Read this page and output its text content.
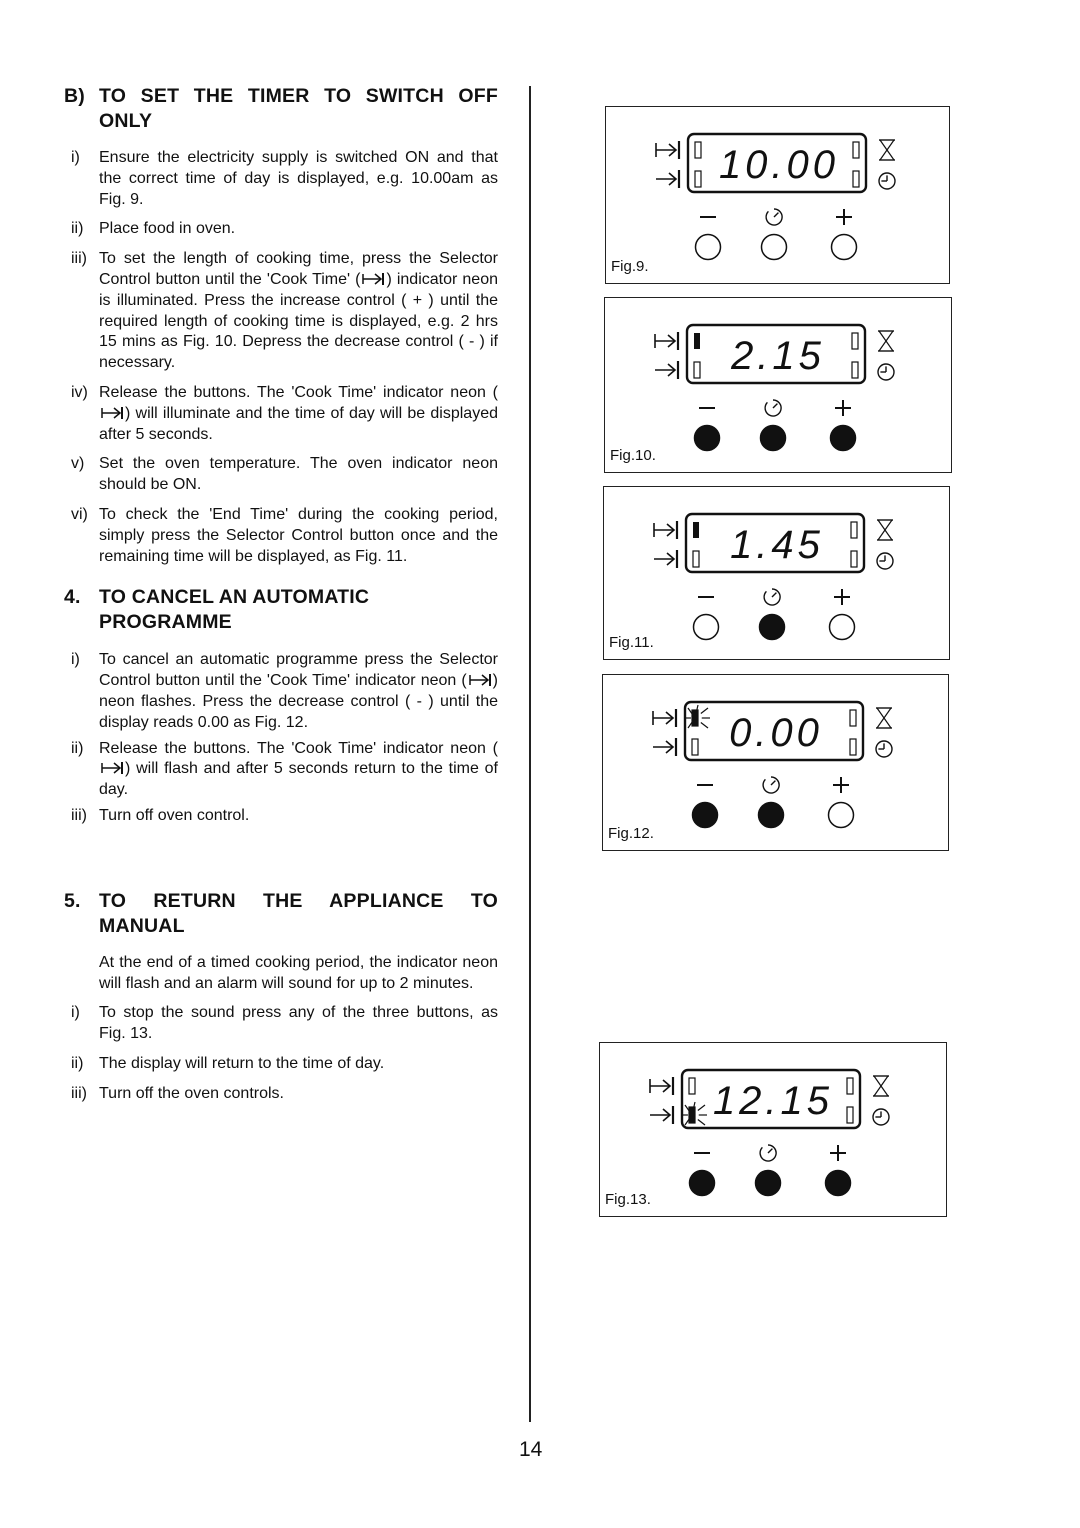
B) TO SET THE TIMER TO SWITCH OFF ONLY
i)	Ensure the electricity supply is switched ON and that the correct time of day is displayed, e.g. 10.00am as Fig. 9.
ii) Place food in oven.
iii) To set the length of cooking time, press the Selector Control button until the 'Cook Time' ( ) indicator neon is illuminated. Press the increase control ( + ) until the required length of cooking time is displayed, e.g. 2 hrs 15 mins as Fig. 10. Depress the decrease control ( - ) if necessary.
iv) Release the buttons. The 'Cook Time' indicator neon () will illuminate and the time of day will be displayed after 5 seconds.
v) Set the oven temperature. The oven indicator neon should be ON.
vi) To check the 'End Time' during the cooking period, simply press the Selector Control button once and the remaining time will be displayed, as Fig. 11.
4. TO CANCEL AN AUTOMATIC PROGRAMME
i)	To cancel an automatic programme press the Selector Control button until the 'Cook Time' indicator neon ( ) neon flashes. Press the decrease control ( - ) until the display reads 0.00 as Fig. 12.
ii) Release the buttons. The 'Cook Time' indicator neon () will flash and after 5 seconds return to the time of day.
iii) Turn off oven control.
5. TO RETURN THE APPLIANCE TO MANUAL
At the end of a timed cooking period, the indicator neon will flash and an alarm will sound for up to 2 minutes.
i)	To stop the sound press any of the three buttons, as Fig. 13.
ii) The display will return to the time of day.
iii) Turn off the oven controls.
10.00
Fig.9.
2.15
Fig.10.
1.45
Fig.11.
0.00
Fig.12.
12.15
Fig.13.
14
